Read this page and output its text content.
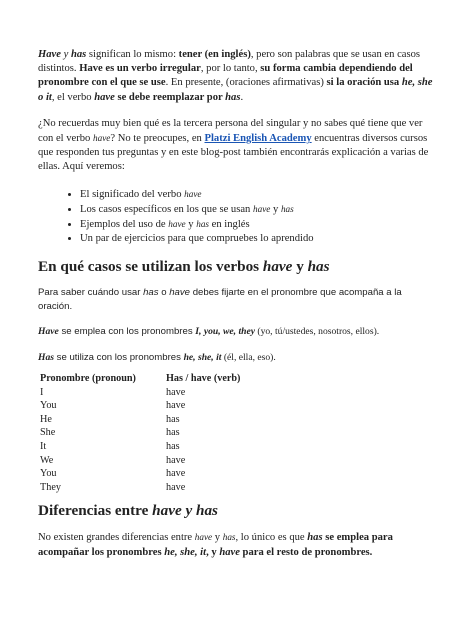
Have y has significan lo mismo: tener (en inglés), pero son palabras que se usan en casos distintos. Have es un verbo irregular, por lo tanto, su forma cambia dependiendo del pronombre con el que se use. En presente, (oraciones afirmativas) si la oración usa he, she o it, el verbo have se debe reemplazar por has.

¿No recuerdas muy bien qué es la tercera persona del singular y no sabes qué tiene que ver con el verbo have? No te preocupes, en Platzi English Academy encuentras diversos cursos que responden tus preguntas y en este blog-post también encontrarás explicación a varias de ellas. Aquí veremos:

• El significado del verbo have
• Los casos específicos en los que se usan have y has
• Ejemplos del uso de have y has en inglés
• Un par de ejercicios para que compruebes lo aprendido
En qué casos se utilizan los verbos have y has

Para saber cuándo usar has o have debes fijarte en el pronombre que acompaña a la oración.

Have se emplea con los pronombres I, you, we, they (yo, tú/ustedes, nosotros, ellos).

Has se utiliza con los pronombres he, she, it (él, ella, eso).

Pronombre (pronoun)	Has / have (verb)
I	have
You	have
He	has
She	has
It	has
We	have
You	have
They	have
Diferencias entre have y has

No existen grandes diferencias entre have y has, lo único es que has se emplea para acompañar los pronombres he, she, it, y have para el resto de pronombres.
